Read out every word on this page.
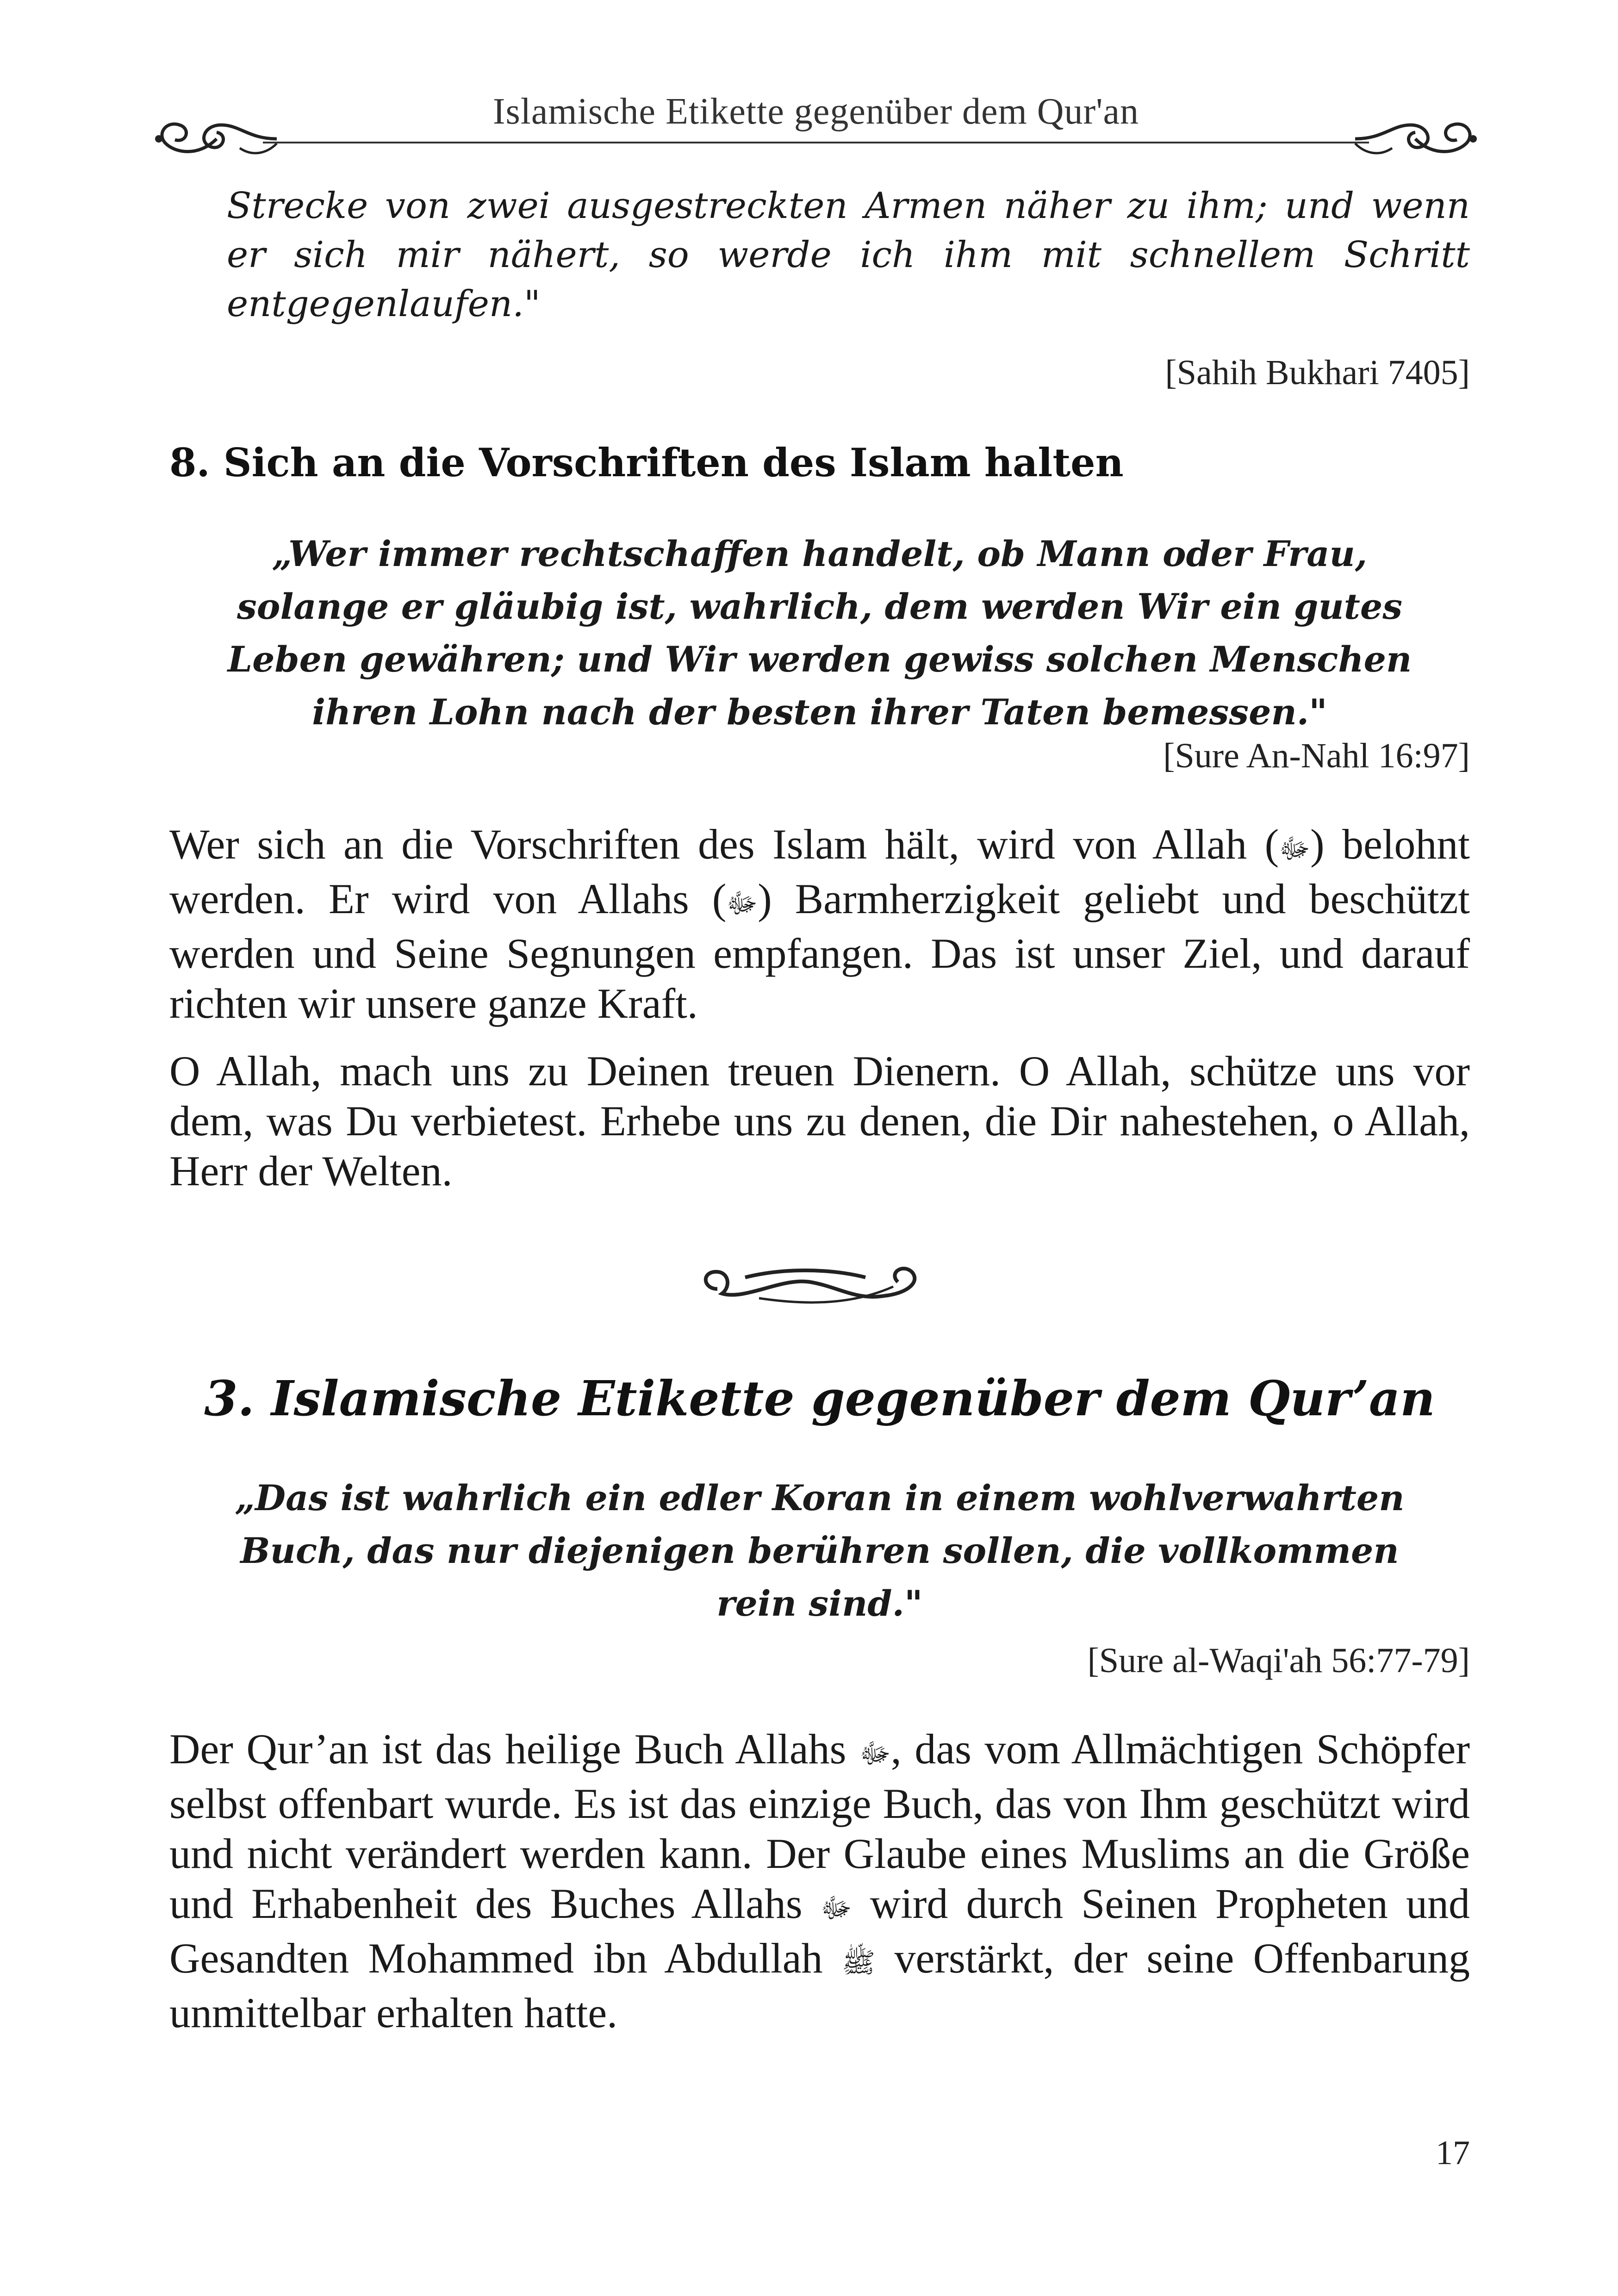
Islamische Etikette gegenüber dem Qur'an
Strecke von zwei ausgestreckten Armen näher zu ihm; und wenn er sich mir nähert, so werde ich ihm mit schnellem Schritt entgegenlaufen."
[Sahih Bukhari 7405]
8. Sich an die Vorschriften des Islam halten
„Wer immer rechtschaffen handelt, ob Mann oder Frau,
solange er gläubig ist, wahrlich, dem werden Wir ein gutes
Leben gewähren; und Wir werden gewiss solchen Menschen
ihren Lohn nach der besten ihrer Taten bemessen."
[Sure An-Nahl 16:97]

Wer sich an die Vorschriften des Islam hält, wird von Allah (ﷻ) belohnt werden. Er wird von Allahs (ﷻ) Barmherzigkeit geliebt und beschützt werden und Seine Segnungen empfangen. Das ist unser Ziel, und darauf richten wir unsere ganze Kraft.

O Allah, mach uns zu Deinen treuen Dienern. O Allah, schütze uns vor dem, was Du verbietest. Erhebe uns zu denen, die Dir nahestehen, o Allah, Herr der Welten.

3. Islamische Etikette gegenüber dem Qur’an
„Das ist wahrlich ein edler Koran in einem wohlverwahrten
Buch, das nur diejenigen berühren sollen, die vollkommen
rein sind."
[Sure al-Waqi'ah 56:77-79]

Der Qur’an ist das heilige Buch Allahs ﷻ, das vom Allmächtigen Schöpfer selbst offenbart wurde. Es ist das einzige Buch, das von Ihm geschützt wird und nicht verändert werden kann. Der Glaube eines Muslims an die Größe und Erhabenheit des Buches Allahs ﷻ wird durch Seinen Propheten und Gesandten Mohammed ibn Abdullah ﷺ verstärkt, der seine Offenbarung unmittelbar erhalten hatte.

17
